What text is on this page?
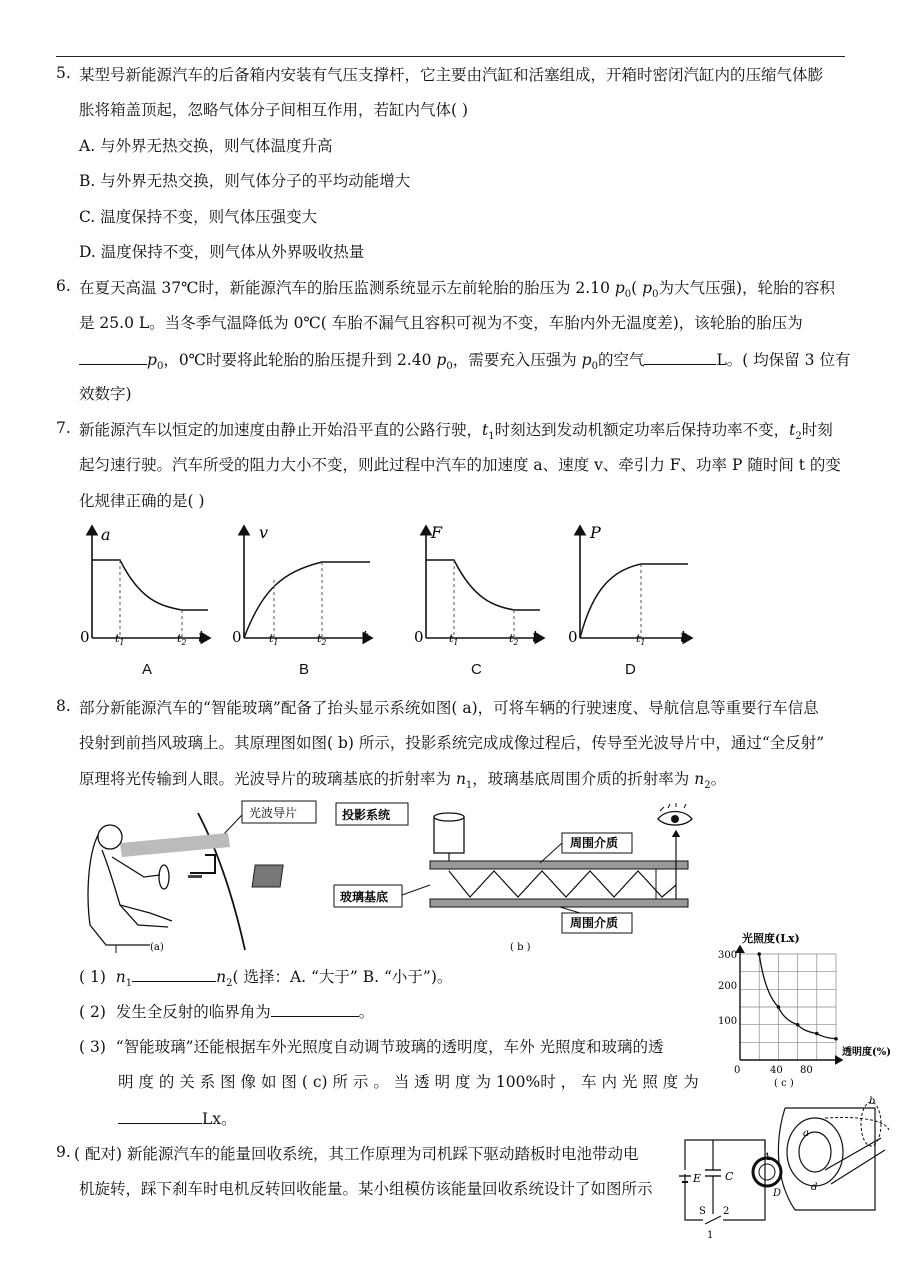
5. 某型号新能源汽车的后备箱内安装有气压支撑杆，它主要由汽缸和活塞组成，开箱时密闭汽缸内的压缩气体膨
胀将箱盖顶起，忽略气体分子间相互作用，若缸内气体( )
A. 与外界无热交换，则气体温度升高
B. 与外界无热交换，则气体分子的平均动能增大
C. 温度保持不变，则气体压强变大
D. 温度保持不变，则气体从外界吸收热量
6. 在夏天高温 37℃时，新能源汽车的胎压监测系统显示左前轮胎的胎压为 2.10 $p_0$( $p_0$为大气压强)，轮胎的容积
是 25.0 L。当冬季气温降低为 0℃( 车胎不漏气且容积可视为不变，车胎内外无温度差)，该轮胎的胎压为
$p_0$，0℃时要将此轮胎的胎压提升到 2.40 $p_0$，需要充入压强为 $p_0$的空气	L。( 均保留 3 位有
效数字)
7. 新能源汽车以恒定的加速度由静止开始沿平直的公路行驶，$t_1$时刻达到发动机额定功率后保持功率不变，$t_2$时刻
起匀速行驶。汽车所受的阻力大小不变，则此过程中汽车的加速度 a、速度 v、牵引力 F、功率 P 随时间 t 的变
化规律正确的是( )
a
0	t
$t_1$	$t_2$
v
0	t
$t_1$	$t_2$
F
0	t
$t_1$	$t_2$
P
0	t
$t_1$
A	B	C	D
8. 部分新能源汽车的“智能玻璃”配备了抬头显示系统如图( a)，可将车辆的行驶速度、导航信息等重要行车信息
投射到前挡风玻璃上。其原理图如图( b) 所示，投影系统完成成像过程后，传导至光波导片中，通过“全反射”
原理将光传输到人眼。光波导片的玻璃基底的折射率为 $n_1$，玻璃基底周围介质的折射率为 $n_2$。
光波导片
(a)
投影系统
周围介质
玻璃基底
周围介质
( b )
光照度(Lx)
透明度(%)
300
200
100
0	40 80
( c )
( 1) $n_1$	$n_2$( 选择：A. “大于” B. “小于”)。
( 2) 发生全反射的临界角为	。
( 3) “智能玻璃”还能根据车外光照度自动调节玻璃的透明度，车外 光照度和玻璃的透
明 度 的 关 系 图 像 如 图 ( c) 所 示 。 当 透 明 度 为 100%时 ， 车 内 光 照 度 为
Lx。
9. ( 配对) 新能源汽车的能量回收系统，其工作原理为司机踩下驱动踏板时电池带动电
机旋转，踩下刹车时电机反转回收能量。某小组模仿该能量回收系统设计了如图所示
E C
S 2
1
A
D
a
b
d
